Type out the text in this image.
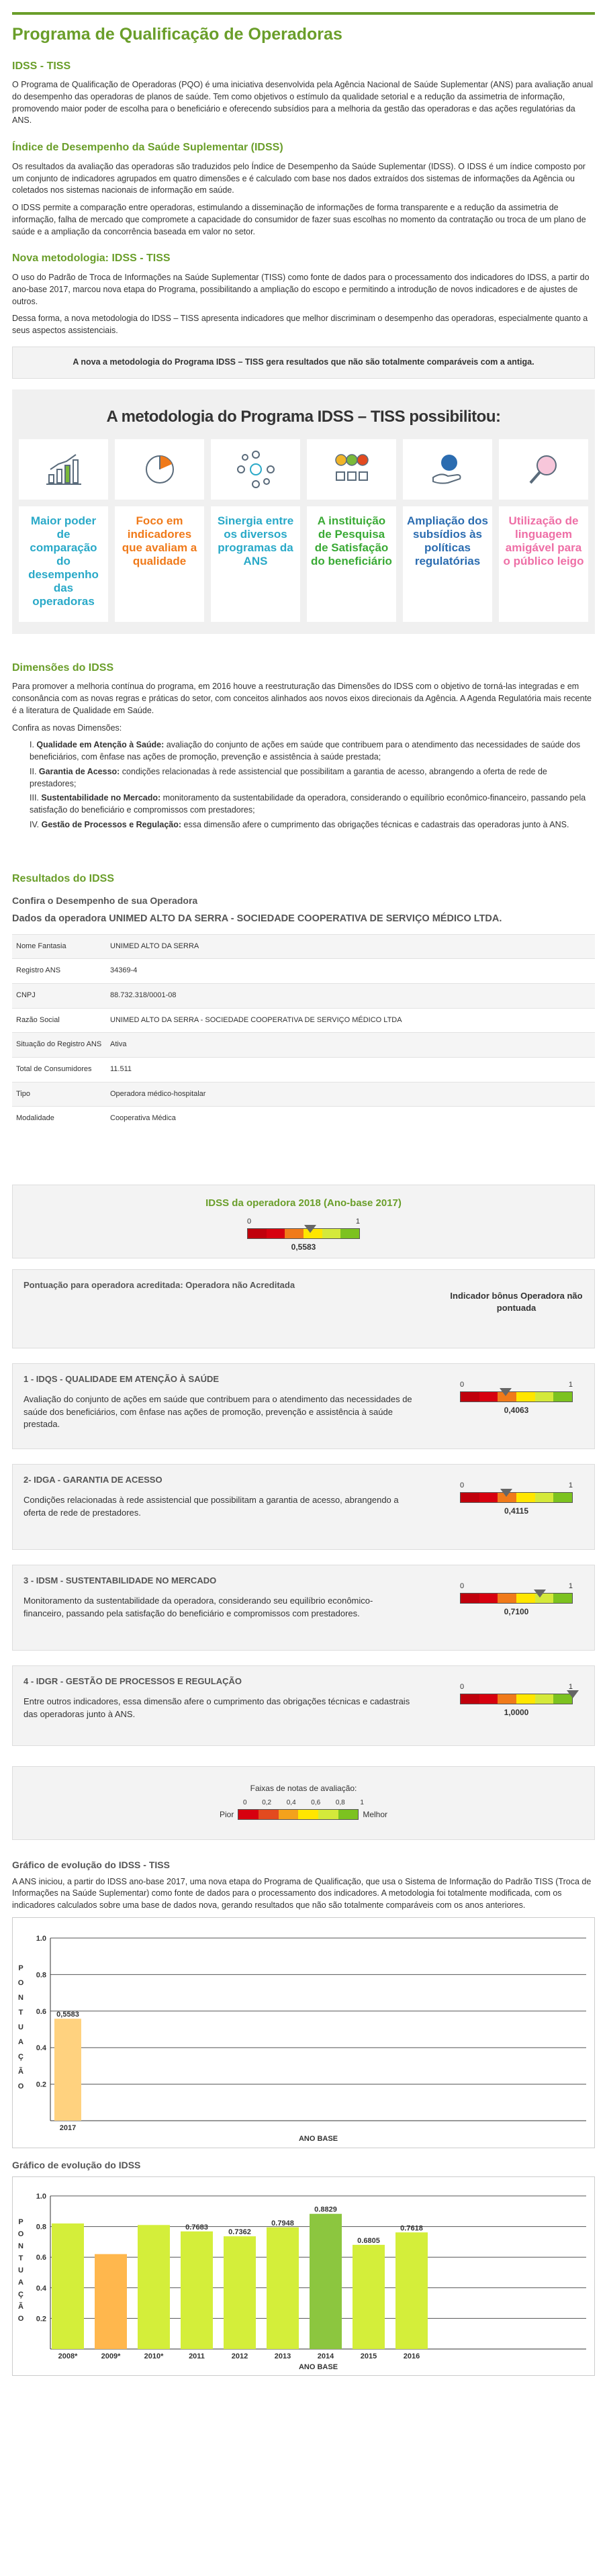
Programa de Qualificação de Operadoras
IDSS - TISS

O Programa de Qualificação de Operadoras (PQO) é uma iniciativa desenvolvida pela Agência Nacional de Saúde Suplementar (ANS) para avaliação anual do desempenho das operadoras de planos de saúde. Tem como objetivos o estímulo da qualidade setorial e a redução da assimetria de informação, promovendo maior poder de escolha para o beneficiário e oferecendo subsídios para a melhoria da gestão das operadoras e das ações regulatórias da ANS.

Índice de Desempenho da Saúde Suplementar (IDSS)

Os resultados da avaliação das operadoras são traduzidos pelo Índice de Desempenho da Saúde Suplementar (IDSS). O IDSS é um índice composto por um conjunto de indicadores agrupados em quatro dimensões e é calculado com base nos dados extraídos dos sistemas de informações da Agência ou coletados nos sistemas nacionais de informação em saúde.

O IDSS permite a comparação entre operadoras, estimulando a disseminação de informações de forma transparente e a redução da assimetria de informação, falha de mercado que compromete a capacidade do consumidor de fazer suas escolhas no momento da contratação ou troca de um plano de saúde e a ampliação da concorrência baseada em valor no setor.

Nova metodologia: IDSS - TISS

O uso do Padrão de Troca de Informações na Saúde Suplementar (TISS) como fonte de dados para o processamento dos indicadores do IDSS, a partir do ano-base 2017, marcou nova etapa do Programa, possibilitando a ampliação do escopo e permitindo a introdução de novos indicadores e de ajustes de outros.

Dessa forma, a nova metodologia do IDSS – TISS apresenta indicadores que melhor discriminam o desempenho das operadoras, especialmente quanto a seus aspectos assistenciais.

A nova a metodologia do Programa IDSS – TISS gera resultados que não são totalmente comparáveis com a antiga.
A metodologia do Programa IDSS – TISS possibilitou:
Maior poder de comparação do desempenho das operadoras
Foco em indicadores que avaliam a qualidade
Sinergia entre os diversos programas da ANS
A instituição de Pesquisa de Satisfação do beneficiário
Ampliação dos subsídios às políticas regulatórias
Utilização de linguagem amigável para o público leigo
Dimensões do IDSS

Para promover a melhoria contínua do programa, em 2016 houve a reestruturação das Dimensões do IDSS com o objetivo de torná-las integradas e em consonância com as novas regras e práticas do setor, com conceitos alinhados aos novos eixos direcionais da Agência. A Agenda Regulatória mais recente é a literatura de Qualidade em Saúde.

Confira as novas Dimensões:

I. Qualidade em Atenção à Saúde: avaliação do conjunto de ações em saúde que contribuem para o atendimento das necessidades de saúde dos beneficiários, com ênfase nas ações de promoção, prevenção e assistência à saúde prestada;
II. Garantia de Acesso: condições relacionadas à rede assistencial que possibilitam a garantia de acesso, abrangendo a oferta de rede de prestadores;
III. Sustentabilidade no Mercado: monitoramento da sustentabilidade da operadora, considerando o equilíbrio econômico-financeiro, passando pela satisfação do beneficiário e compromissos com prestadores;
IV. Gestão de Processos e Regulação: essa dimensão afere o cumprimento das obrigações técnicas e cadastrais das operadoras junto à ANS.
Resultados do IDSS
Confira o Desempenho de sua Operadora
Dados da operadora UNIMED ALTO DA SERRA - SOCIEDADE COOPERATIVA DE SERVIÇO MÉDICO LTDA.
Nome Fantasia	UNIMED ALTO DA SERRA
Registro ANS	34369-4
CNPJ	88.732.318/0001-08
Razão Social	UNIMED ALTO DA SERRA - SOCIEDADE COOPERATIVA DE SERVIÇO MÉDICO LTDA
Situação do Registro ANS	Ativa
Total de Consumidores	11.511
Tipo	Operadora médico-hospitalar
Modalidade	Cooperativa Médica
IDSS da operadora 2018 (Ano-base 2017)
0	1
0,5583
Pontuação para operadora acreditada: Operadora não Acreditada
Indicador bônus Operadora não pontuada
1 - IDQS - QUALIDADE EM ATENÇÃO À SAÚDE
Avaliação do conjunto de ações em saúde que contribuem para o atendimento das necessidades de saúde dos beneficiários, com ênfase nas ações de promoção, prevenção e assistência à saúde prestada.
0	1
0,4063
2- IDGA - GARANTIA DE ACESSO
Condições relacionadas à rede assistencial que possibilitam a garantia de acesso, abrangendo a oferta de rede de prestadores.
0	1
0,4115
3 - IDSM - SUSTENTABILIDADE NO MERCADO
Monitoramento da sustentabilidade da operadora, considerando seu equilíbrio econômico-financeiro, passando pela satisfação do beneficiário e compromissos com prestadores.
0	1
0,7100
4 - IDGR - GESTÃO DE PROCESSOS E REGULAÇÃO
Entre outros indicadores, essa dimensão afere o cumprimento das obrigações técnicas e cadastrais das operadoras junto à ANS.
0	1
1,0000
Faixas de notas de avaliação:
0 0,2 0,4 0,6 0,8 1
Pior	Melhor
Gráfico de evolução do IDSS - TISS

A ANS iniciou, a partir do IDSS ano-base 2017, uma nova etapa do Programa de Qualificação, que usa o Sistema de Informação do Padrão TISS (Troca de Informações na Saúde Suplementar) como fonte de dados para o processamento dos indicadores. A metodologia foi totalmente modificada, com os indicadores calculados sobre uma base de dados nova, gerando resultados que não são totalmente comparáveis com os anos anteriores.

1.0
0.8
0.6
0.4
0.2
0,5583
2017
ANO BASE
P
O
N
T
U
A
Ç
Ã
O
Gráfico de evolução do IDSS
1.0
0.8
0.6
0.4
0.2
2008*	2009*	2010*
0.7683
2011
0.7362
2012
0.7948
2013
0.8829
2014
0.6805
2015
0.7618
2016
ANO BASE
P
O
N
T
U
A
Ç
Ã
O
